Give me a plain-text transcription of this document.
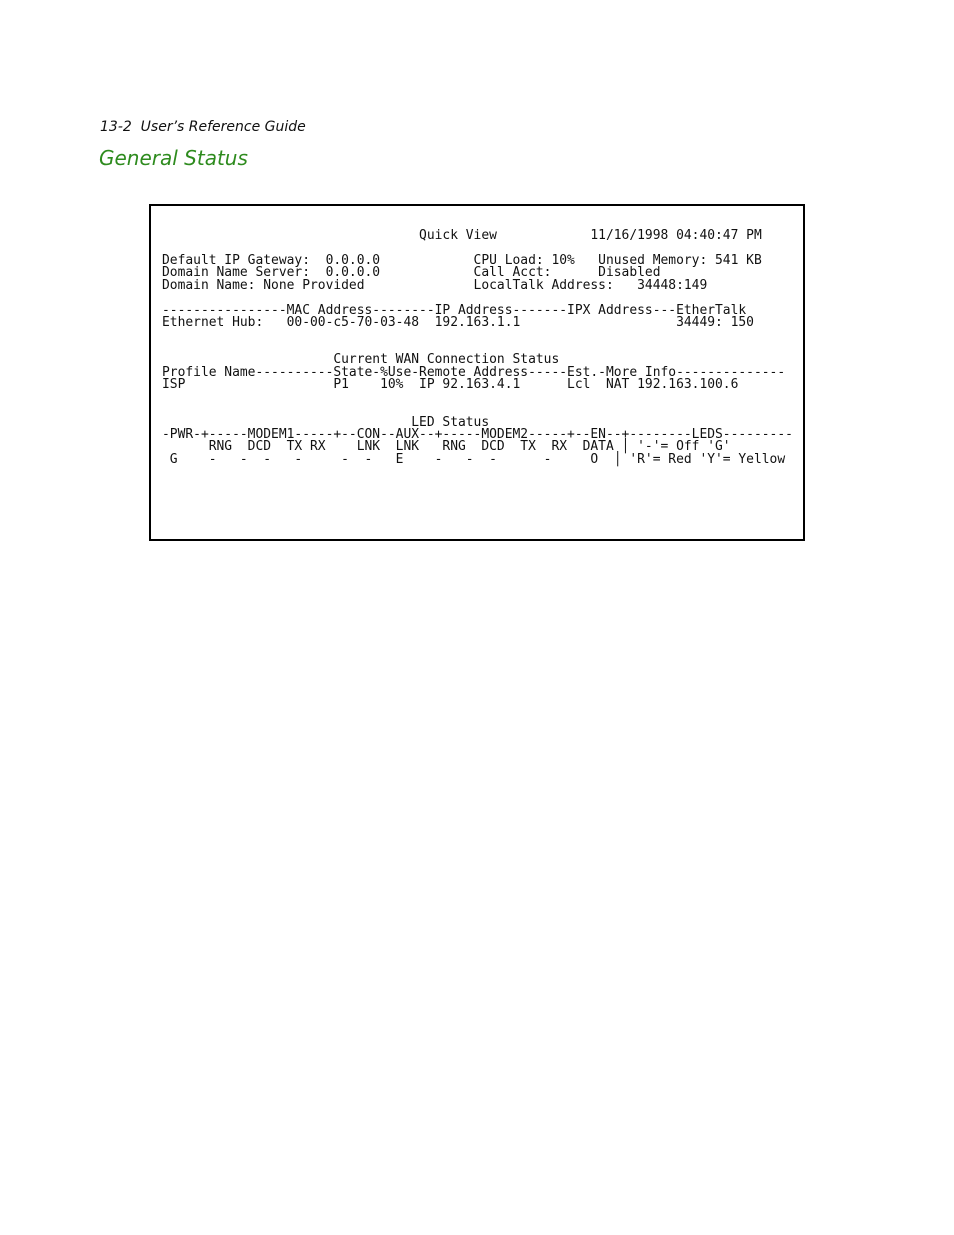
13-2  User’s Reference Guide
General Status
Quick View            11/16/1998 04:40:47 PM
Default IP Gateway:  0.0.0.0            CPU Load: 10%   Unused Memory: 541 KB
Domain Name Server:  0.0.0.0            Call Acct:      Disabled
Domain Name: None Provided              LocalTalk Address:   34448:149
----------------MAC Address--------IP Address-------IPX Address---EtherTalk
Ethernet Hub:   00-00-c5-70-03-48  192.163.1.1                    34449: 150
Current WAN Connection Status
Profile Name----------State-%Use-Remote Address-----Est.-More Info--------------
ISP                   P1    10%  IP 92.163.4.1      Lcl  NAT 192.163.100.6
LED Status
-PWR-+-----MODEM1-----+--CON--AUX--+-----MODEM2-----+--EN--+--------LEDS---------
RNG  DCD  TX RX    LNK  LNK   RNG  DCD  TX  RX  DATA │ '-'= Off 'G'
G    -   -  -   -     -  -   E    -   -  -      -     O  │ 'R'= Red 'Y'= Yellow
